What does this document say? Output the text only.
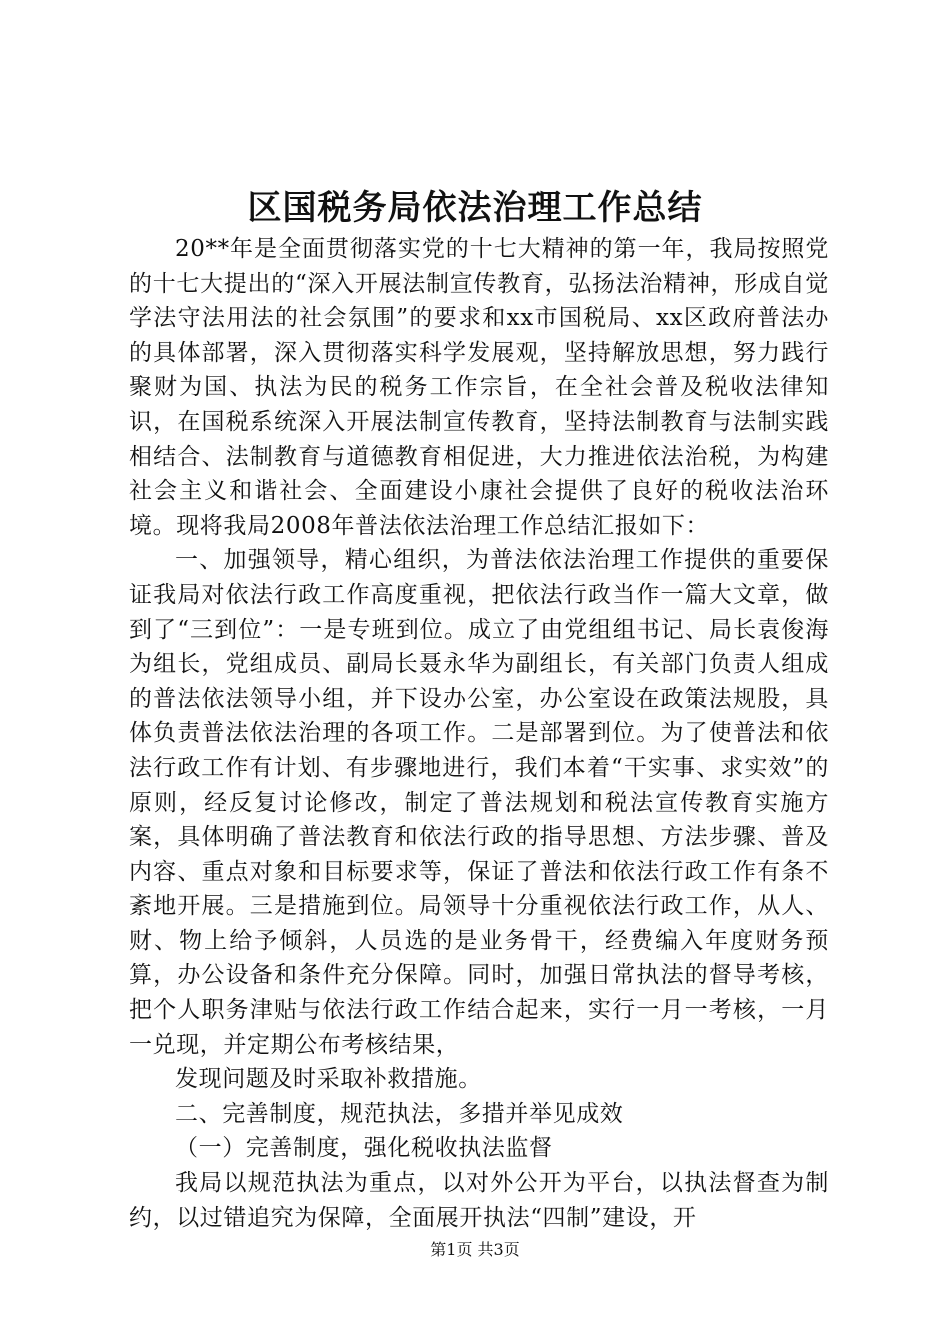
区国税务局依法治理工作总结

20**年是全面贯彻落实党的十七大精神的第一年，我局按照党的十七大提出的“深入开展法制宣传教育，弘扬法治精神，形成自觉学法守法用法的社会氛围”的要求和xx市国税局、xx区政府普法办的具体部署，深入贯彻落实科学发展观，坚持解放思想，努力践行聚财为国、执法为民的税务工作宗旨，在全社会普及税收法律知识，在国税系统深入开展法制宣传教育，坚持法制教育与法制实践相结合、法制教育与道德教育相促进，大力推进依法治税，为构建社会主义和谐社会、全面建设小康社会提供了良好的税收法治环境。现将我局2008年普法依法治理工作总结汇报如下：

一、加强领导，精心组织，为普法依法治理工作提供的重要保证我局对依法行政工作高度重视，把依法行政当作一篇大文章，做到了“三到位”：一是专班到位。成立了由党组组书记、局长袁俊海为组长，党组成员、副局长聂永华为副组长，有关部门负责人组成的普法依法领导小组，并下设办公室，办公室设在政策法规股，具体负责普法依法治理的各项工作。二是部署到位。为了使普法和依法行政工作有计划、有步骤地进行，我们本着“干实事、求实效”的原则，经反复讨论修改，制定了普法规划和税法宣传教育实施方案，具体明确了普法教育和依法行政的指导思想、方法步骤、普及内容、重点对象和目标要求等，保证了普法和依法行政工作有条不紊地开展。三是措施到位。局领导十分重视依法行政工作，从人、财、物上给予倾斜，人员选的是业务骨干，经费编入年度财务预算，办公设备和条件充分保障。同时，加强日常执法的督导考核，把个人职务津贴与依法行政工作结合起来，实行一月一考核，一月一兑现，并定期公布考核结果，

发现问题及时采取补救措施。

二、完善制度，规范执法，多措并举见成效

（一）完善制度，强化税收执法监督

我局以规范执法为重点，以对外公开为平台，以执法督查为制约，以过错追究为保障，全面展开执法“四制”建设，开

第1页 共3页
